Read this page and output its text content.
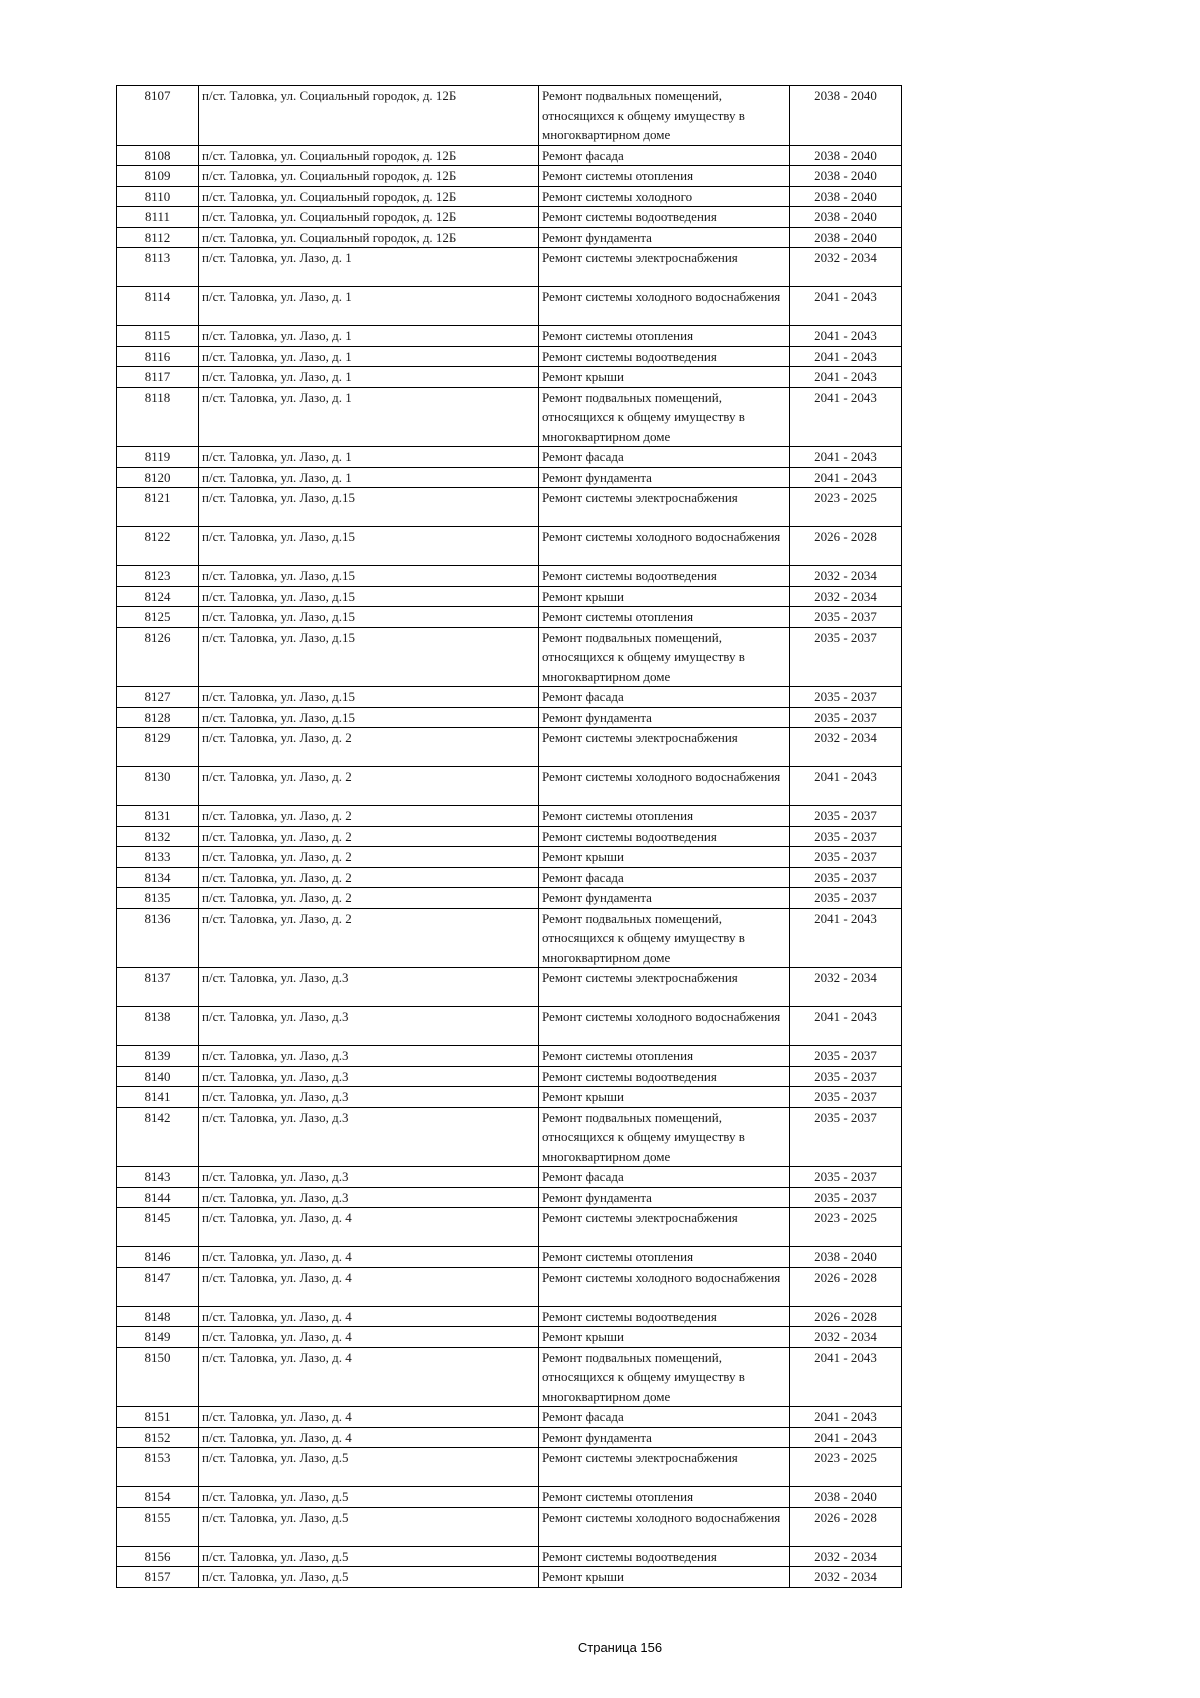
8107	п/ст. Таловка, ул. Социальный городок, д. 12Б	Ремонт подвальных помещений, относящихся к общему имуществу в многоквартирном доме	2038 - 2040
8108	п/ст. Таловка, ул. Социальный городок, д. 12Б	Ремонт фасада	2038 - 2040
8109	п/ст. Таловка, ул. Социальный городок, д. 12Б	Ремонт системы отопления	2038 - 2040
8110	п/ст. Таловка, ул. Социальный городок, д. 12Б	Ремонт системы холодного	2038 - 2040
8111	п/ст. Таловка, ул. Социальный городок, д. 12Б	Ремонт системы водоотведения	2038 - 2040
8112	п/ст. Таловка, ул. Социальный городок, д. 12Б	Ремонт фундамента	2038 - 2040
8113	п/ст. Таловка, ул. Лазо, д. 1	Ремонт системы электроснабжения	2032 - 2034
8114	п/ст. Таловка, ул. Лазо, д. 1	Ремонт системы холодного водоснабжения	2041 - 2043
8115	п/ст. Таловка, ул. Лазо, д. 1	Ремонт системы отопления	2041 - 2043
8116	п/ст. Таловка, ул. Лазо, д. 1	Ремонт системы водоотведения	2041 - 2043
8117	п/ст. Таловка, ул. Лазо, д. 1	Ремонт крыши	2041 - 2043
8118	п/ст. Таловка, ул. Лазо, д. 1	Ремонт подвальных помещений, относящихся к общему имуществу в многоквартирном доме	2041 - 2043
8119	п/ст. Таловка, ул. Лазо, д. 1	Ремонт фасада	2041 - 2043
8120	п/ст. Таловка, ул. Лазо, д. 1	Ремонт фундамента	2041 - 2043
8121	п/ст. Таловка, ул. Лазо, д.15	Ремонт системы электроснабжения	2023 - 2025
8122	п/ст. Таловка, ул. Лазо, д.15	Ремонт системы холодного водоснабжения	2026 - 2028
8123	п/ст. Таловка, ул. Лазо, д.15	Ремонт системы водоотведения	2032 - 2034
8124	п/ст. Таловка, ул. Лазо, д.15	Ремонт крыши	2032 - 2034
8125	п/ст. Таловка, ул. Лазо, д.15	Ремонт системы отопления	2035 - 2037
8126	п/ст. Таловка, ул. Лазо, д.15	Ремонт подвальных помещений, относящихся к общему имуществу в многоквартирном доме	2035 - 2037
8127	п/ст. Таловка, ул. Лазо, д.15	Ремонт фасада	2035 - 2037
8128	п/ст. Таловка, ул. Лазо, д.15	Ремонт фундамента	2035 - 2037
8129	п/ст. Таловка, ул. Лазо, д. 2	Ремонт системы электроснабжения	2032 - 2034
8130	п/ст. Таловка, ул. Лазо, д. 2	Ремонт системы холодного водоснабжения	2041 - 2043
8131	п/ст. Таловка, ул. Лазо, д. 2	Ремонт системы отопления	2035 - 2037
8132	п/ст. Таловка, ул. Лазо, д. 2	Ремонт системы водоотведения	2035 - 2037
8133	п/ст. Таловка, ул. Лазо, д. 2	Ремонт крыши	2035 - 2037
8134	п/ст. Таловка, ул. Лазо, д. 2	Ремонт фасада	2035 - 2037
8135	п/ст. Таловка, ул. Лазо, д. 2	Ремонт фундамента	2035 - 2037
8136	п/ст. Таловка, ул. Лазо, д. 2	Ремонт подвальных помещений, относящихся к общему имуществу в многоквартирном доме	2041 - 2043
8137	п/ст. Таловка, ул. Лазо, д.3	Ремонт системы электроснабжения	2032 - 2034
8138	п/ст. Таловка, ул. Лазо, д.3	Ремонт системы холодного водоснабжения	2041 - 2043
8139	п/ст. Таловка, ул. Лазо, д.3	Ремонт системы отопления	2035 - 2037
8140	п/ст. Таловка, ул. Лазо, д.3	Ремонт системы водоотведения	2035 - 2037
8141	п/ст. Таловка, ул. Лазо, д.3	Ремонт крыши	2035 - 2037
8142	п/ст. Таловка, ул. Лазо, д.3	Ремонт подвальных помещений, относящихся к общему имуществу в многоквартирном доме	2035 - 2037
8143	п/ст. Таловка, ул. Лазо, д.3	Ремонт фасада	2035 - 2037
8144	п/ст. Таловка, ул. Лазо, д.3	Ремонт фундамента	2035 - 2037
8145	п/ст. Таловка, ул. Лазо, д. 4	Ремонт системы электроснабжения	2023 - 2025
8146	п/ст. Таловка, ул. Лазо, д. 4	Ремонт системы отопления	2038 - 2040
8147	п/ст. Таловка, ул. Лазо, д. 4	Ремонт системы холодного водоснабжения	2026 - 2028
8148	п/ст. Таловка, ул. Лазо, д. 4	Ремонт системы водоотведения	2026 - 2028
8149	п/ст. Таловка, ул. Лазо, д. 4	Ремонт крыши	2032 - 2034
8150	п/ст. Таловка, ул. Лазо, д. 4	Ремонт подвальных помещений, относящихся к общему имуществу в многоквартирном доме	2041 - 2043
8151	п/ст. Таловка, ул. Лазо, д. 4	Ремонт фасада	2041 - 2043
8152	п/ст. Таловка, ул. Лазо, д. 4	Ремонт фундамента	2041 - 2043
8153	п/ст. Таловка, ул. Лазо, д.5	Ремонт системы электроснабжения	2023 - 2025
8154	п/ст. Таловка, ул. Лазо, д.5	Ремонт системы отопления	2038 - 2040
8155	п/ст. Таловка, ул. Лазо, д.5	Ремонт системы холодного водоснабжения	2026 - 2028
8156	п/ст. Таловка, ул. Лазо, д.5	Ремонт системы водоотведения	2032 - 2034
8157	п/ст. Таловка, ул. Лазо, д.5	Ремонт крыши	2032 - 2034
Страница 156
